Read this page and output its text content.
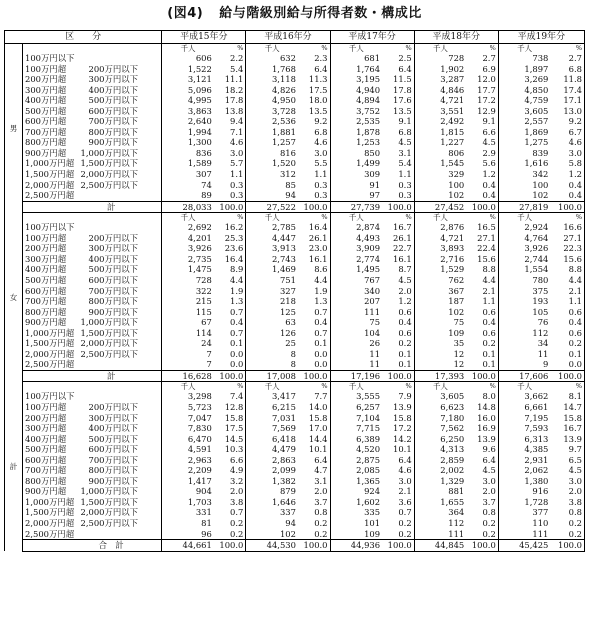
(図4) 給与階級別給与所得者数・構成比
区　　分		平成15年分		平成16年分		平成17年分		平成18年分		平成19年分	
男		千人	%	千人	%	千人	%	千人	%	千人	%
	100万円以下	606	2.2	632	2.3	681	2.5	728	2.7	738	2.7
	100万円超 200万円以下	1,522	5.4	1,768	6.4	1,764	6.4	1,902	6.9	1,897	6.8
	200万円超 300万円以下	3,121	11.1	3,118	11.3	3,195	11.5	3,287	12.0	3,269	11.8
	300万円超 400万円以下	5,096	18.2	4,826	17.5	4,940	17.8	4,846	17.7	4,850	17.4
	400万円超 500万円以下	4,995	17.8	4,950	18.0	4,894	17.6	4,721	17.2	4,759	17.1
	500万円超 600万円以下	3,863	13.8	3,728	13.5	3,752	13.5	3,551	12.9	3,605	13.0
	600万円超 700万円以下	2,640	9.4	2,536	9.2	2,535	9.1	2,492	9.1	2,557	9.2
	700万円超 800万円以下	1,994	7.1	1,881	6.8	1,878	6.8	1,815	6.6	1,869	6.7
	800万円超 900万円以下	1,300	4.6	1,257	4.6	1,253	4.5	1,227	4.5	1,275	4.6
	900万円超 1,000万円以下	836	3.0	816	3.0	850	3.1	806	2.9	839	3.0
	1,000万円超 1,500万円以下	1,589	5.7	1,520	5.5	1,499	5.4	1,545	5.6	1,616	5.8
	1,500万円超 2,000万円以下	307	1.1	312	1.1	309	1.1	329	1.2	342	1.2
	2,000万円超 2,500万円以下	74	0.3	85	0.3	91	0.3	100	0.4	100	0.4
	2,500万円超	89	0.3	94	0.3	97	0.3	102	0.4	102	0.4
	計	28,033	100.0	27,522	100.0	27,739	100.0	27,452	100.0	27,819	100.0
女		千人	%	千人	%	千人	%	千人	%	千人	%
	100万円以下	2,692	16.2	2,785	16.4	2,874	16.7	2,876	16.5	2,924	16.6
	100万円超 200万円以下	4,201	25.3	4,447	26.1	4,493	26.1	4,721	27.1	4,764	27.1
	200万円超 300万円以下	3,926	23.6	3,913	23.0	3,909	22.7	3,893	22.4	3,926	22.3
	300万円超 400万円以下	2,735	16.4	2,743	16.1	2,774	16.1	2,716	15.6	2,744	15.6
	400万円超 500万円以下	1,475	8.9	1,469	8.6	1,495	8.7	1,529	8.8	1,554	8.8
	500万円超 600万円以下	728	4.4	751	4.4	767	4.5	762	4.4	780	4.4
	600万円超 700万円以下	322	1.9	327	1.9	340	2.0	367	2.1	375	2.1
	700万円超 800万円以下	215	1.3	218	1.3	207	1.2	187	1.1	193	1.1
	800万円超 900万円以下	115	0.7	125	0.7	111	0.6	102	0.6	105	0.6
	900万円超 1,000万円以下	67	0.4	63	0.4	75	0.4	75	0.4	76	0.4
	1,000万円超 1,500万円以下	114	0.7	126	0.7	104	0.6	109	0.6	112	0.6
	1,500万円超 2,000万円以下	24	0.1	25	0.1	26	0.2	35	0.2	34	0.2
	2,000万円超 2,500万円以下	7	0.0	8	0.0	11	0.1	12	0.1	11	0.1
	2,500万円超	7	0.0	8	0.0	11	0.1	12	0.1	9	0.0
	計	16,628	100.0	17,008	100.0	17,196	100.0	17,393	100.0	17,606	100.0
計		千人	%	千人	%	千人	%	千人	%	千人	%
	100万円以下	3,298	7.4	3,417	7.7	3,555	7.9	3,605	8.0	3,662	8.1
	100万円超 200万円以下	5,723	12.8	6,215	14.0	6,257	13.9	6,623	14.8	6,661	14.7
	200万円超 300万円以下	7,047	15.8	7,031	15.8	7,104	15.8	7,180	16.0	7,195	15.8
	300万円超 400万円以下	7,830	17.5	7,569	17.0	7,715	17.2	7,562	16.9	7,593	16.7
	400万円超 500万円以下	6,470	14.5	6,418	14.4	6,389	14.2	6,250	13.9	6,313	13.9
	500万円超 600万円以下	4,591	10.3	4,479	10.1	4,520	10.1	4,313	9.6	4,385	9.7
	600万円超 700万円以下	2,963	6.6	2,863	6.4	2,875	6.4	2,859	6.4	2,931	6.5
	700万円超 800万円以下	2,209	4.9	2,099	4.7	2,085	4.6	2,002	4.5	2,062	4.5
	800万円超 900万円以下	1,417	3.2	1,382	3.1	1,365	3.0	1,329	3.0	1,380	3.0
	900万円超 1,000万円以下	904	2.0	879	2.0	924	2.1	881	2.0	916	2.0
	1,000万円超 1,500万円以下	1,703	3.8	1,646	3.7	1,602	3.6	1,655	3.7	1,728	3.8
	1,500万円超 2,000万円以下	331	0.7	337	0.8	335	0.7	364	0.8	377	0.8
	2,000万円超 2,500万円以下	81	0.2	94	0.2	101	0.2	112	0.2	110	0.2
	2,500万円超	96	0.2	102	0.2	109	0.2	111	0.2	111	0.2
	合　計	44,661	100.0	44,530	100.0	44,936	100.0	44,845	100.0	45,425	100.0
